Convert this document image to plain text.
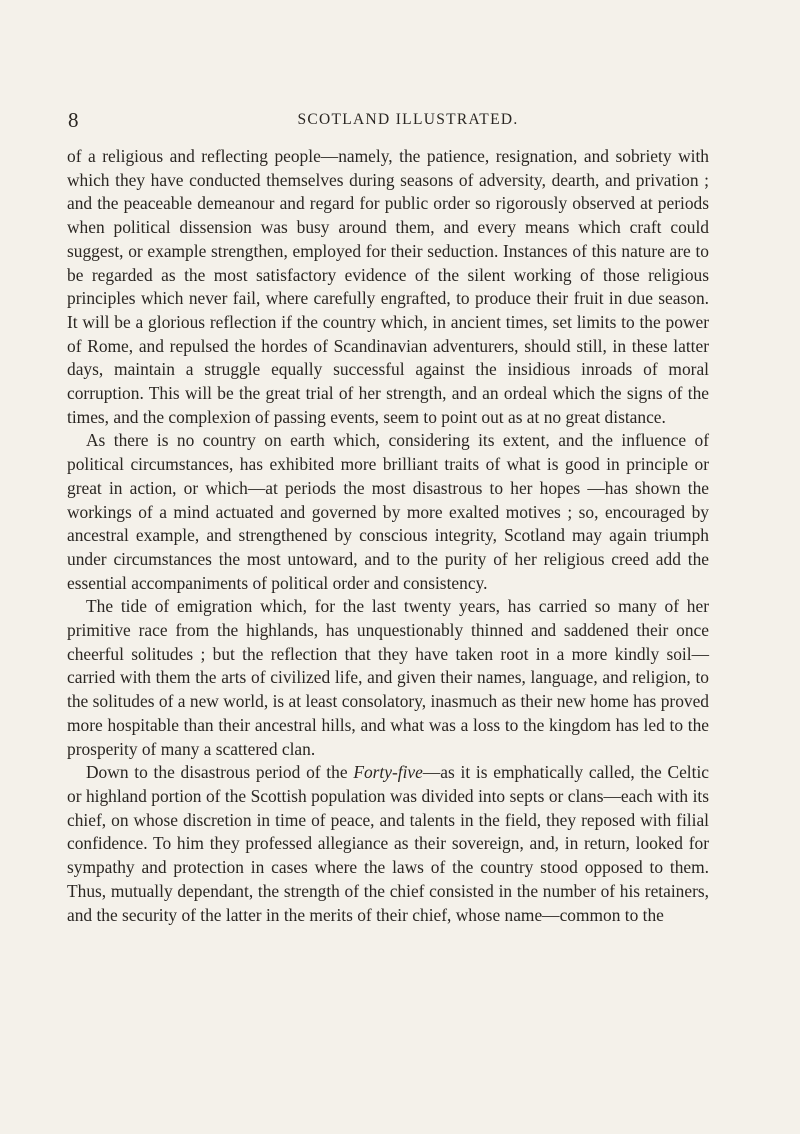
8	SCOTLAND ILLUSTRATED.

of a religious and reflecting people—namely, the patience, resignation, and sobriety with which they have conducted themselves during seasons of adversity, dearth, and privation ; and the peaceable demeanour and regard for public order so rigorously observed at periods when political dissension was busy around them, and every means which craft could suggest, or example strengthen, employed for their seduction. Instances of this nature are to be regarded as the most satisfactory evidence of the silent working of those religious principles which never fail, where carefully engrafted, to produce their fruit in due season. It will be a glorious reflection if the country which, in ancient times, set limits to the power of Rome, and repulsed the hordes of Scandinavian adventurers, should still, in these latter days, maintain a struggle equally successful against the insidious inroads of moral corruption. This will be the great trial of her strength, and an ordeal which the signs of the times, and the complexion of passing events, seem to point out as at no great distance.

As there is no country on earth which, considering its extent, and the influence of political circumstances, has exhibited more brilliant traits of what is good in principle or great in action, or which—at periods the most disastrous to her hopes —has shown the workings of a mind actuated and governed by more exalted motives ; so, encouraged by ancestral example, and strengthened by conscious integrity, Scotland may again triumph under circumstances the most untoward, and to the purity of her religious creed add the essential accompaniments of political order and consistency.

The tide of emigration which, for the last twenty years, has carried so many of her primitive race from the highlands, has unquestionably thinned and saddened their once cheerful solitudes ; but the reflection that they have taken root in a more kindly soil—carried with them the arts of civilized life, and given their names, language, and religion, to the solitudes of a new world, is at least consolatory, inasmuch as their new home has proved more hospitable than their ancestral hills, and what was a loss to the kingdom has led to the prosperity of many a scattered clan.

Down to the disastrous period of the Forty-five—as it is emphatically called, the Celtic or highland portion of the Scottish population was divided into septs or clans—each with its chief, on whose discretion in time of peace, and talents in the field, they reposed with filial confidence. To him they professed allegiance as their sovereign, and, in return, looked for sympathy and protection in cases where the laws of the country stood opposed to them. Thus, mutually dependant, the strength of the chief consisted in the number of his retainers, and the security of the latter in the merits of their chief, whose name—common to the
